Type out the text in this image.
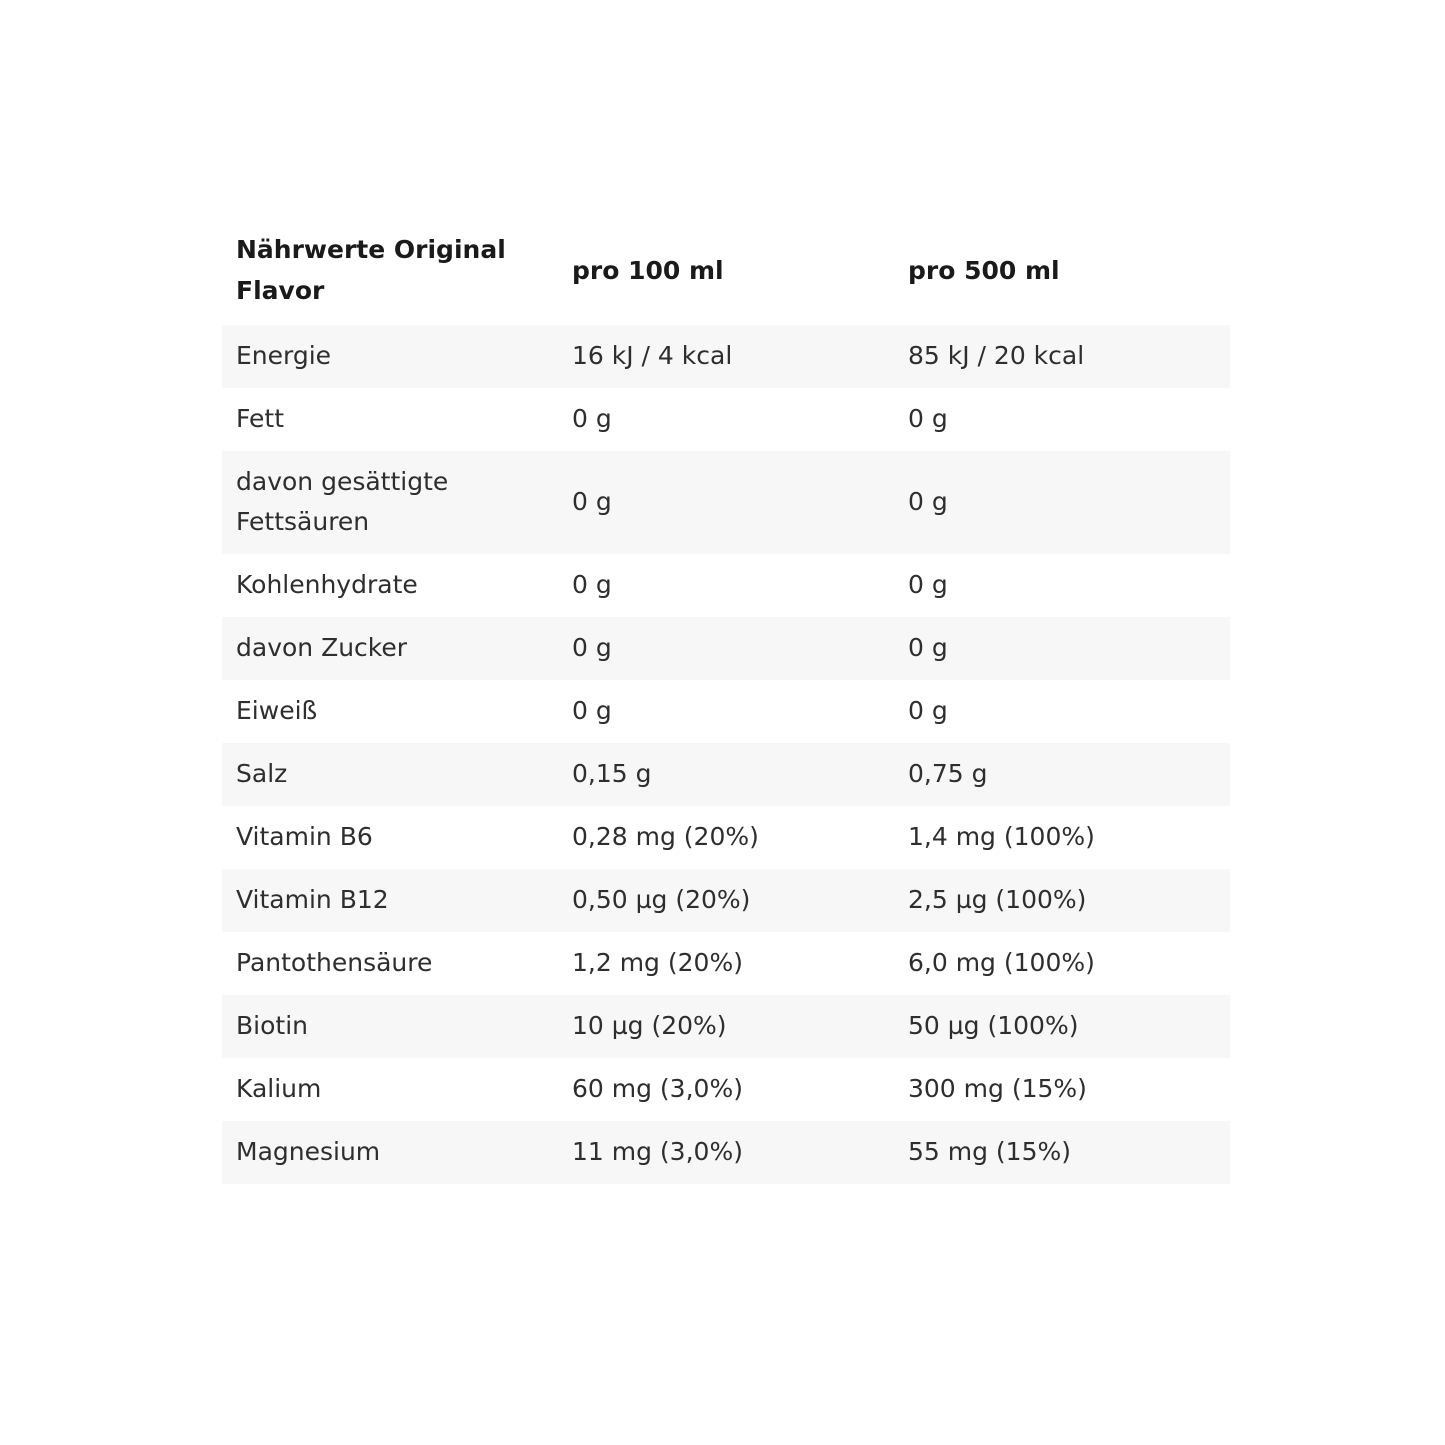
Nährwerte Original Flavor	pro 100 ml	pro 500 ml
Energie	16 kJ / 4 kcal	85 kJ / 20 kcal
Fett	0 g	0 g
davon gesättigte Fettsäuren	0 g	0 g
Kohlenhydrate	0 g	0 g
davon Zucker	0 g	0 g
Eiweiß	0 g	0 g
Salz	0,15 g	0,75 g
Vitamin B6	0,28 mg (20%)	1,4 mg (100%)
Vitamin B12	0,50 µg (20%)	2,5 µg (100%)
Pantothensäure	1,2 mg (20%)	6,0 mg (100%)
Biotin	10 µg (20%)	50 µg (100%)
Kalium	60 mg (3,0%)	300 mg (15%)
Magnesium	11 mg (3,0%)	55 mg (15%)
